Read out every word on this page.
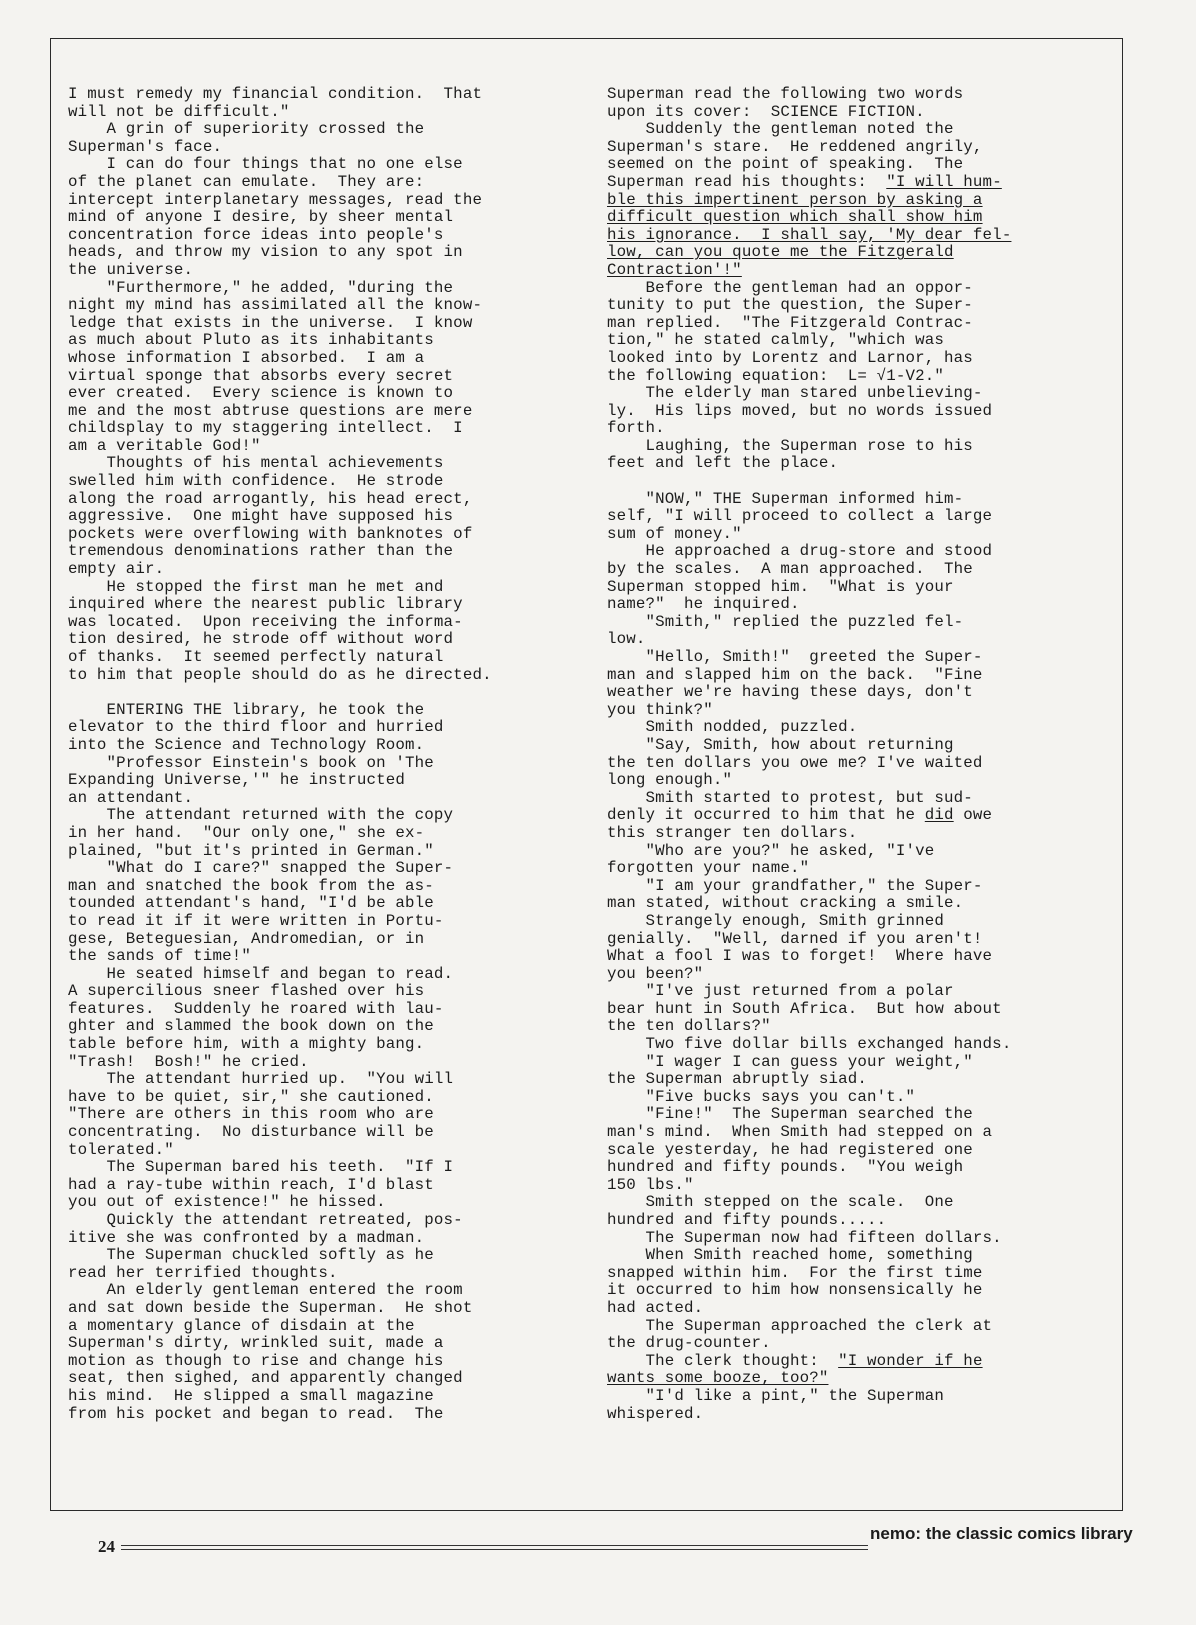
I must remedy my financial condition.  That
will not be difficult."
A grin of superiority crossed the
Superman's face.
I can do four things that no one else
of the planet can emulate.  They are:
intercept interplanetary messages, read the
mind of anyone I desire, by sheer mental
concentration force ideas into people's
heads, and throw my vision to any spot in
the universe.
"Furthermore," he added, "during the
night my mind has assimilated all the know-
ledge that exists in the universe.  I know
as much about Pluto as its inhabitants
whose information I absorbed.  I am a
virtual sponge that absorbs every secret
ever created.  Every science is known to
me and the most abtruse questions are mere
childsplay to my staggering intellect.  I
am a veritable God!"
Thoughts of his mental achievements
swelled him with confidence.  He strode
along the road arrogantly, his head erect,
aggressive.  One might have supposed his
pockets were overflowing with banknotes of
tremendous denominations rather than the
empty air.
He stopped the first man he met and
inquired where the nearest public library
was located.  Upon receiving the informa-
tion desired, he strode off without word
of thanks.  It seemed perfectly natural
to him that people should do as he directed.

ENTERING THE library, he took the
elevator to the third floor and hurried
into the Science and Technology Room.
"Professor Einstein's book on 'The
Expanding Universe,'" he instructed
an attendant.
The attendant returned with the copy
in her hand.  "Our only one," she ex-
plained, "but it's printed in German."
"What do I care?" snapped the Super-
man and snatched the book from the as-
tounded attendant's hand, "I'd be able
to read it if it were written in Portu-
gese, Beteguesian, Andromedian, or in
the sands of time!"
He seated himself and began to read.
A supercilious sneer flashed over his
features.  Suddenly he roared with lau-
ghter and slammed the book down on the
table before him, with a mighty bang.
"Trash!  Bosh!" he cried.
The attendant hurried up.  "You will
have to be quiet, sir," she cautioned.
"There are others in this room who are
concentrating.  No disturbance will be
tolerated."
The Superman bared his teeth.  "If I
had a ray-tube within reach, I'd blast
you out of existence!" he hissed.
Quickly the attendant retreated, pos-
itive she was confronted by a madman.
The Superman chuckled softly as he
read her terrified thoughts.
An elderly gentleman entered the room
and sat down beside the Superman.  He shot
a momentary glance of disdain at the
Superman's dirty, wrinkled suit, made a
motion as though to rise and change his
seat, then sighed, and apparently changed
his mind.  He slipped a small magazine
from his pocket and began to read.  The
Superman read the following two words
upon its cover:  SCIENCE FICTION.
Suddenly the gentleman noted the
Superman's stare.  He reddened angrily,
seemed on the point of speaking.  The
Superman read his thoughts:  "I will hum-
ble this impertinent person by asking a
difficult question which shall show him
his ignorance.  I shall say, 'My dear fel-
low, can you quote me the Fitzgerald
Contraction'!"
Before the gentleman had an oppor-
tunity to put the question, the Super-
man replied.  "The Fitzgerald Contrac-
tion," he stated calmly, "which was
looked into by Lorentz and Larnor, has
the following equation:  L= √1-V2."
The elderly man stared unbelieving-
ly.  His lips moved, but no words issued
forth.
Laughing, the Superman rose to his
feet and left the place.

"NOW," THE Superman informed him-
self, "I will proceed to collect a large
sum of money."
He approached a drug-store and stood
by the scales.  A man approached.  The
Superman stopped him.  "What is your
name?"  he inquired.
"Smith," replied the puzzled fel-
low.
"Hello, Smith!"  greeted the Super-
man and slapped him on the back.  "Fine
weather we're having these days, don't
you think?"
Smith nodded, puzzled.
"Say, Smith, how about returning
the ten dollars you owe me? I've waited
long enough."
Smith started to protest, but sud-
denly it occurred to him that he did owe
this stranger ten dollars.
"Who are you?" he asked, "I've
forgotten your name."
"I am your grandfather," the Super-
man stated, without cracking a smile.
Strangely enough, Smith grinned
genially.  "Well, darned if you aren't!
What a fool I was to forget!  Where have
you been?"
"I've just returned from a polar
bear hunt in South Africa.  But how about
the ten dollars?"
Two five dollar bills exchanged hands.
"I wager I can guess your weight,"
the Superman abruptly siad.
"Five bucks says you can't."
"Fine!"  The Superman searched the
man's mind.  When Smith had stepped on a
scale yesterday, he had registered one
hundred and fifty pounds.  "You weigh
150 lbs."
Smith stepped on the scale.  One
hundred and fifty pounds.....
The Superman now had fifteen dollars.
When Smith reached home, something
snapped within him.  For the first time
it occurred to him how nonsensically he
had acted.
The Superman approached the clerk at
the drug-counter.
The clerk thought:  "I wonder if he
wants some booze, too?"
"I'd like a pint," the Superman
whispered.
24
nemo: the classic comics library
